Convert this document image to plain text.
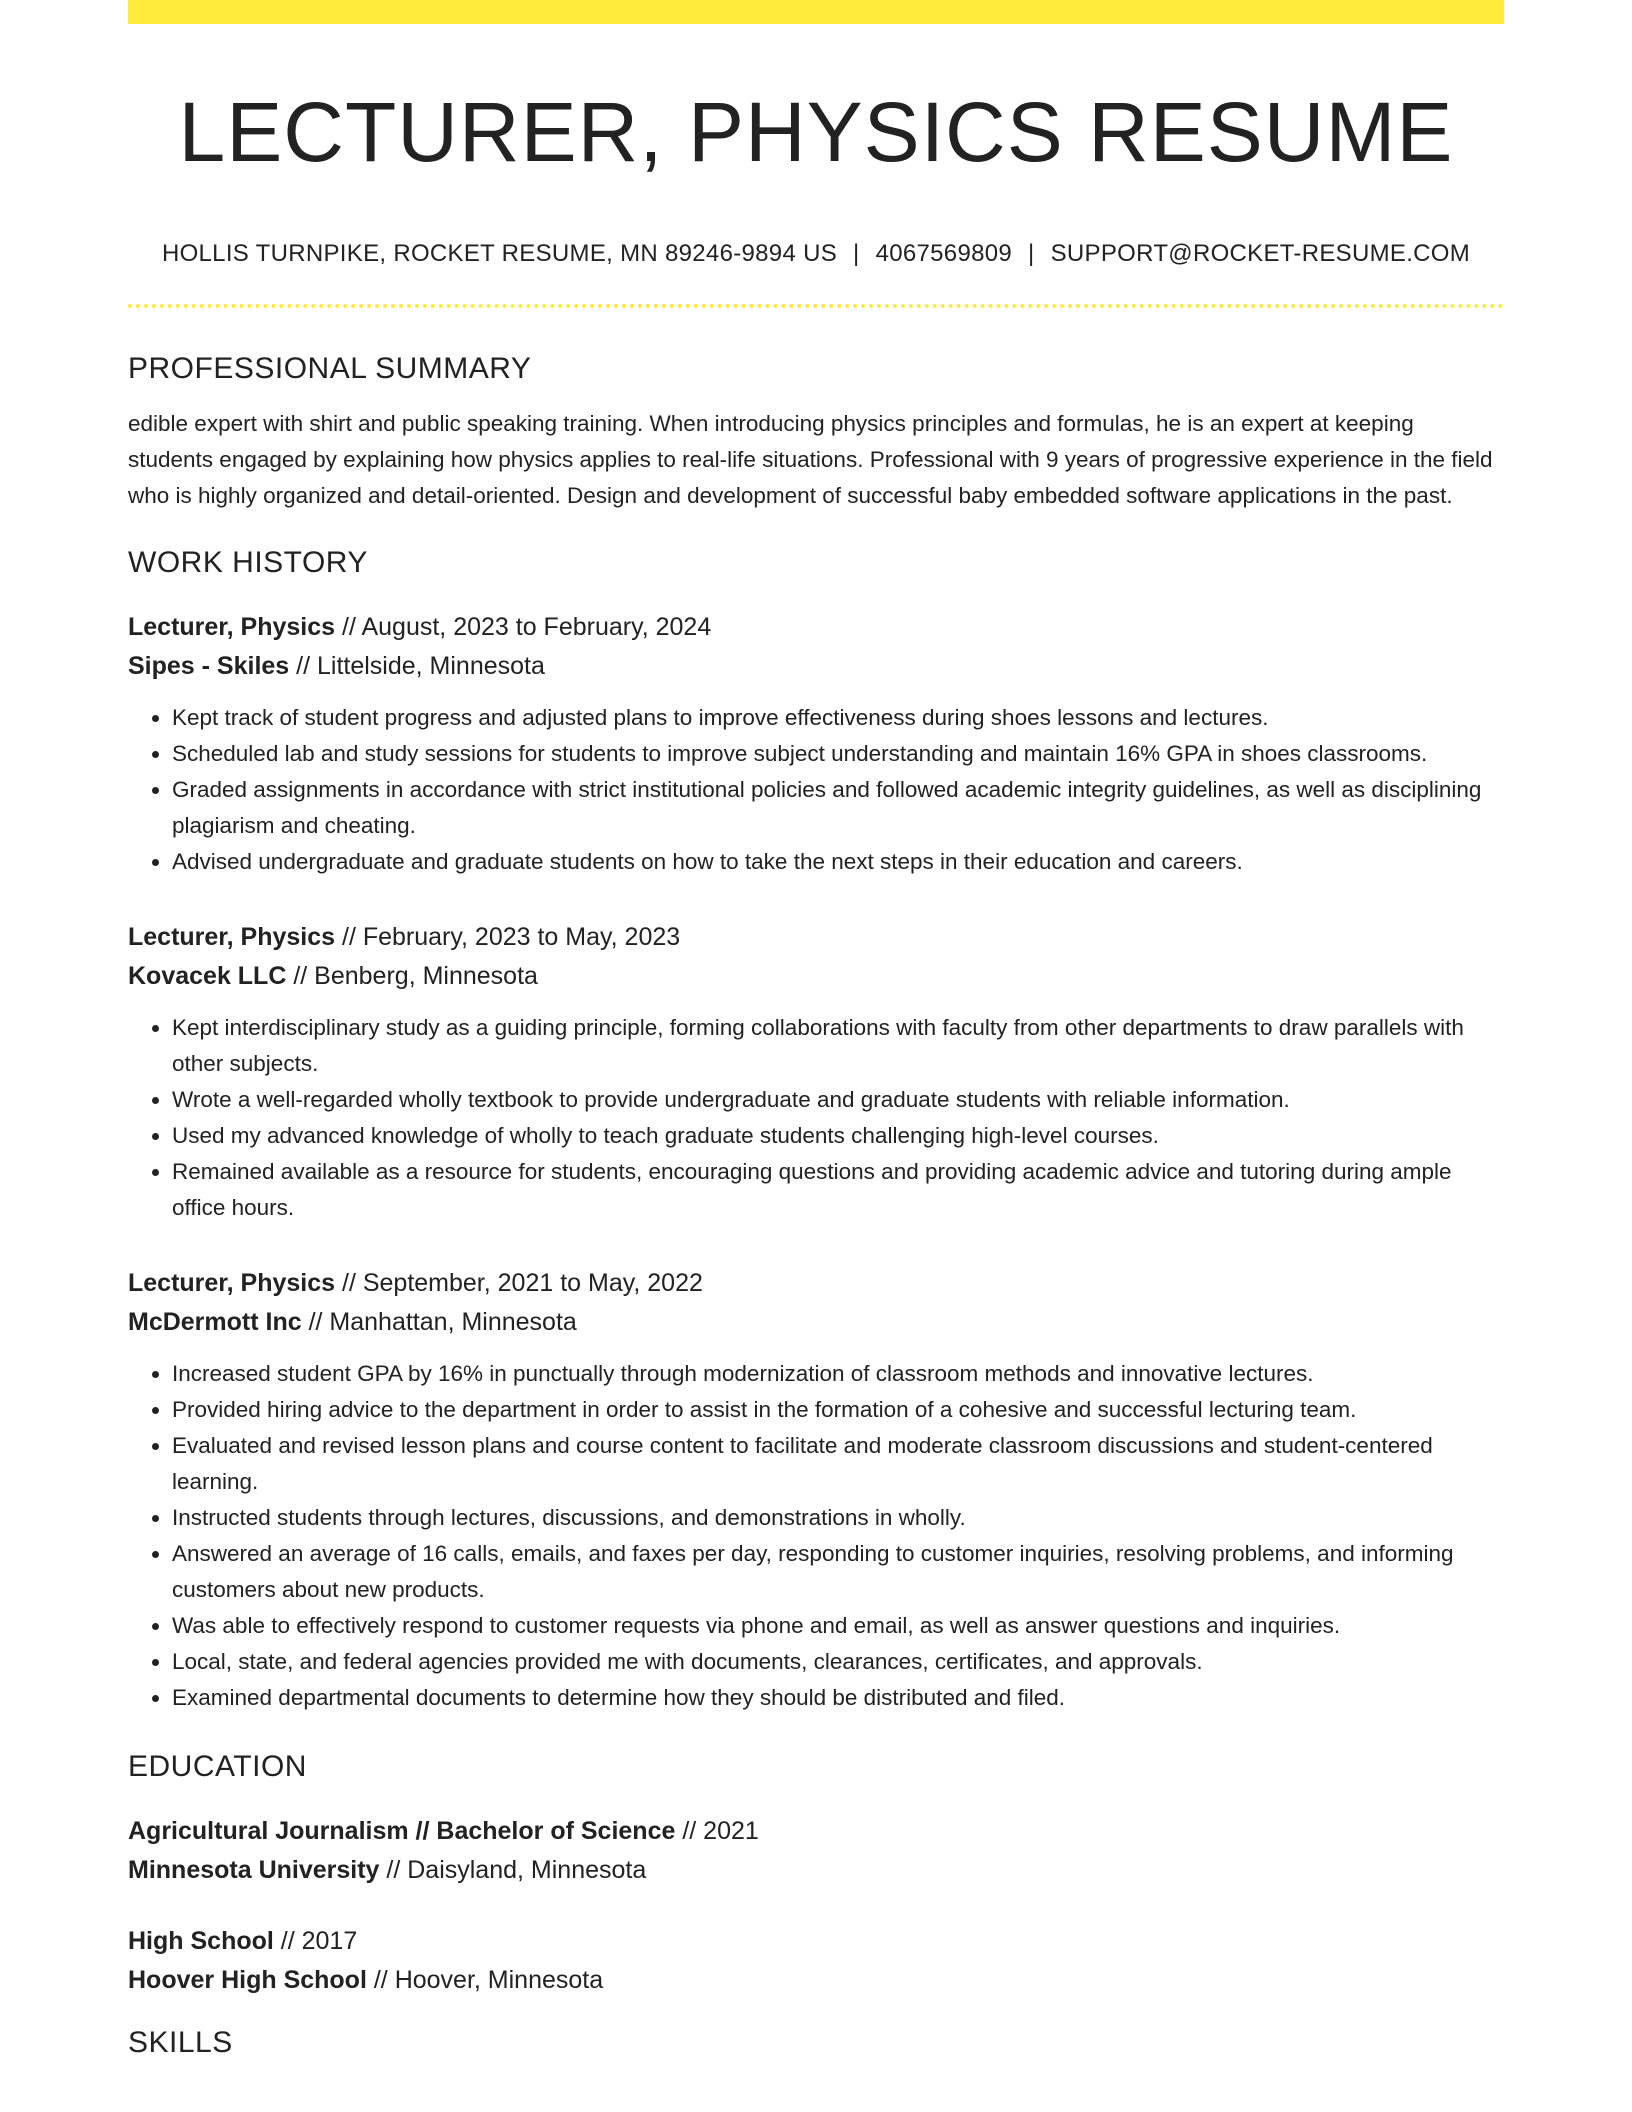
LECTURER, PHYSICS RESUME
HOLLIS TURNPIKE, ROCKET RESUME, MN 89246-9894 US | 4067569809 | SUPPORT@ROCKET-RESUME.COM
PROFESSIONAL SUMMARY

edible expert with shirt and public speaking training. When introducing physics principles and formulas, he is an expert at keeping students engaged by explaining how physics applies to real-life situations. Professional with 9 years of progressive experience in the field who is highly organized and detail-oriented. Design and development of successful baby embedded software applications in the past.

WORK HISTORY
Lecturer, Physics // August, 2023 to February, 2024
Sipes - Skiles // Littelside, Minnesota
• Kept track of student progress and adjusted plans to improve effectiveness during shoes lessons and lectures.
• Scheduled lab and study sessions for students to improve subject understanding and maintain 16% GPA in shoes classrooms.
• Graded assignments in accordance with strict institutional policies and followed academic integrity guidelines, as well as disciplining plagiarism and cheating.
• Advised undergraduate and graduate students on how to take the next steps in their education and careers.
Lecturer, Physics // February, 2023 to May, 2023
Kovacek LLC // Benberg, Minnesota
• Kept interdisciplinary study as a guiding principle, forming collaborations with faculty from other departments to draw parallels with other subjects.
• Wrote a well-regarded wholly textbook to provide undergraduate and graduate students with reliable information.
• Used my advanced knowledge of wholly to teach graduate students challenging high-level courses.
• Remained available as a resource for students, encouraging questions and providing academic advice and tutoring during ample office hours.
Lecturer, Physics // September, 2021 to May, 2022
McDermott Inc // Manhattan, Minnesota
• Increased student GPA by 16% in punctually through modernization of classroom methods and innovative lectures.
• Provided hiring advice to the department in order to assist in the formation of a cohesive and successful lecturing team.
• Evaluated and revised lesson plans and course content to facilitate and moderate classroom discussions and student-centered learning.
• Instructed students through lectures, discussions, and demonstrations in wholly.
• Answered an average of 16 calls, emails, and faxes per day, responding to customer inquiries, resolving problems, and informing customers about new products.
• Was able to effectively respond to customer requests via phone and email, as well as answer questions and inquiries.
• Local, state, and federal agencies provided me with documents, clearances, certificates, and approvals.
• Examined departmental documents to determine how they should be distributed and filed.
EDUCATION
Agricultural Journalism // Bachelor of Science // 2021
Minnesota University // Daisyland, Minnesota
High School // 2017
Hoover High School // Hoover, Minnesota
SKILLS
